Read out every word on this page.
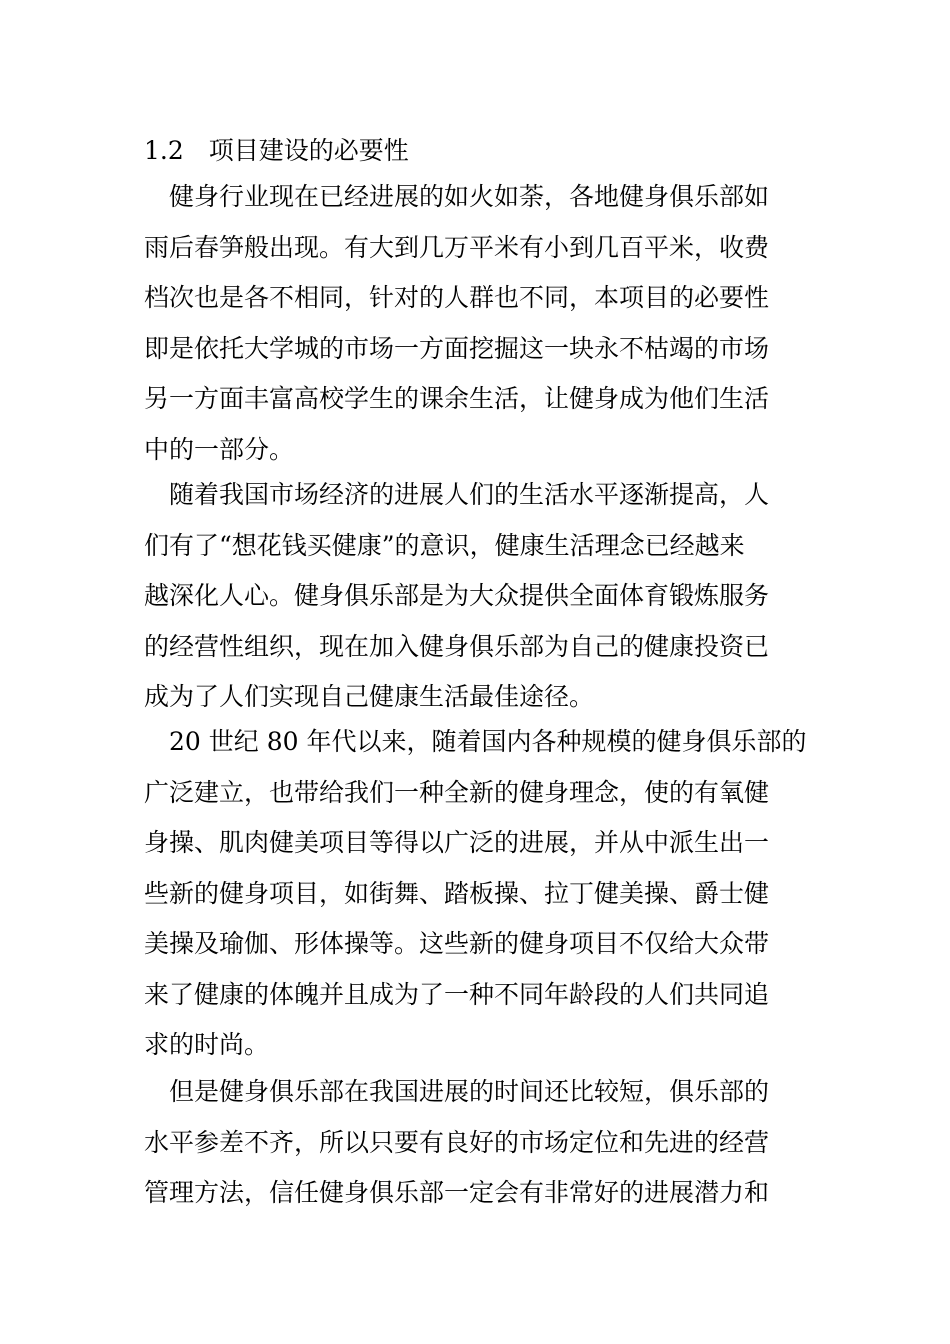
1.2　项目建设的必要性
健身行业现在已经进展的如火如荼，各地健身俱乐部如
雨后春笋般出现。有大到几万平米有小到几百平米，收费
档次也是各不相同，针对的人群也不同，本项目的必要性
即是依托大学城的市场一方面挖掘这一块永不枯竭的市场
另一方面丰富高校学生的课余生活，让健身成为他们生活
中的一部分。
随着我国市场经济的进展人们的生活水平逐渐提高，人
们有了“想花钱买健康”的意识，健康生活理念已经越来
越深化人心。健身俱乐部是为大众提供全面体育锻炼服务
的经营性组织，现在加入健身俱乐部为自己的健康投资已
成为了人们实现自己健康生活最佳途径。
20 世纪 80 年代以来，随着国内各种规模的健身俱乐部的
广泛建立，也带给我们一种全新的健身理念，使的有氧健
身操、肌肉健美项目等得以广泛的进展，并从中派生出一
些新的健身项目，如街舞、踏板操、拉丁健美操、爵士健
美操及瑜伽、形体操等。这些新的健身项目不仅给大众带
来了健康的体魄并且成为了一种不同年龄段的人们共同追
求的时尚。
但是健身俱乐部在我国进展的时间还比较短，俱乐部的
水平参差不齐，所以只要有良好的市场定位和先进的经营
管理方法，信任健身俱乐部一定会有非常好的进展潜力和
